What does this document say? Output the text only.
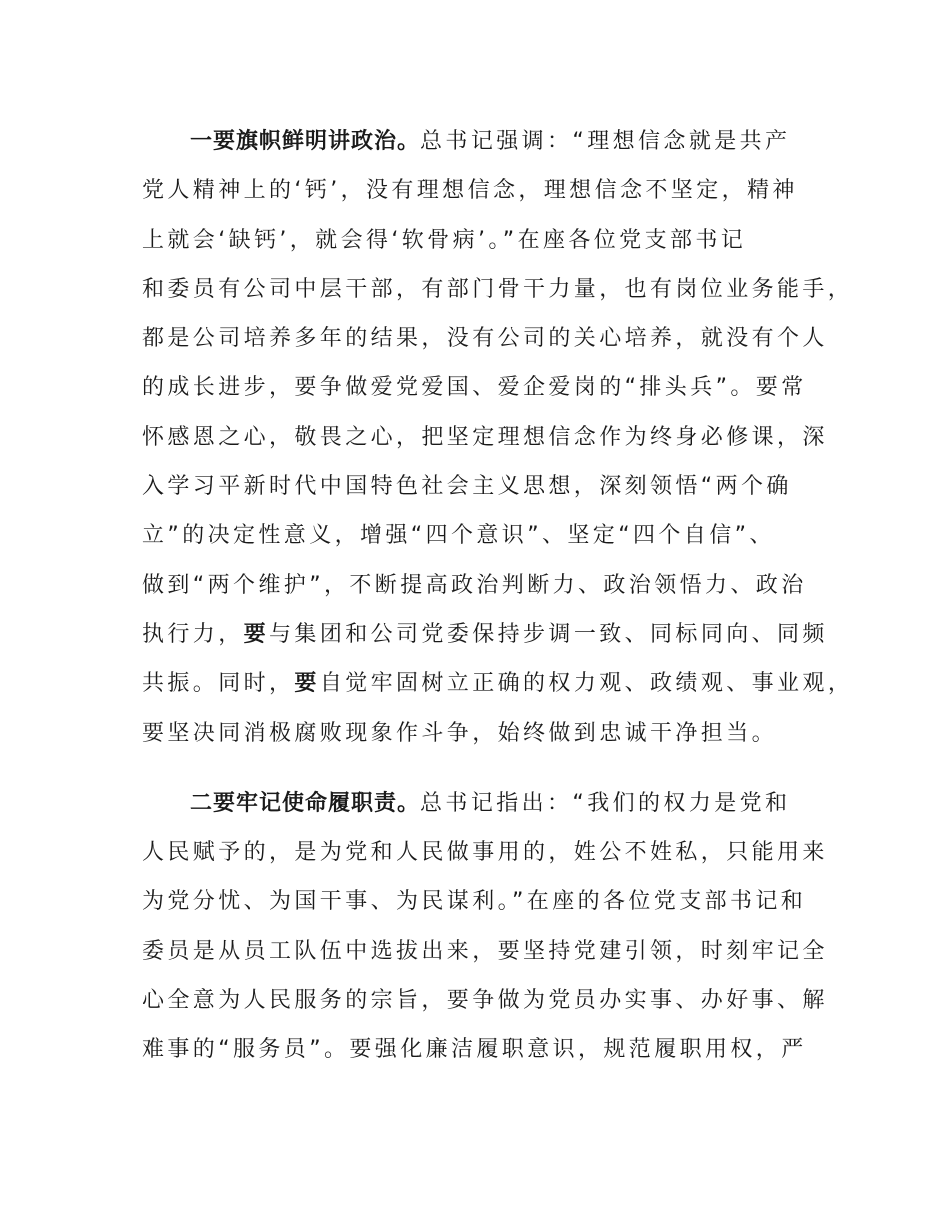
一要旗帜鲜明讲政治。总书记强调：“理想信念就是共产
党人精神上的‘钙’，没有理想信念，理想信念不坚定，精神
上就会‘缺钙’，就会得‘软骨病’。”在座各位党支部书记
和委员有公司中层干部，有部门骨干力量，也有岗位业务能手，
都是公司培养多年的结果，没有公司的关心培养，就没有个人
的成长进步，要争做爱党爱国、爱企爱岗的“排头兵”。要常
怀感恩之心，敬畏之心，把坚定理想信念作为终身必修课，深
入学习平新时代中国特色社会主义思想，深刻领悟“两个确
立”的决定性意义，增强“四个意识”、坚定“四个自信”、
做到“两个维护”，不断提高政治判断力、政治领悟力、政治
执行力，要与集团和公司党委保持步调一致、同标同向、同频
共振。同时，要自觉牢固树立正确的权力观、政绩观、事业观，
要坚决同消极腐败现象作斗争，始终做到忠诚干净担当。
二要牢记使命履职责。总书记指出：“我们的权力是党和
人民赋予的，是为党和人民做事用的，姓公不姓私，只能用来
为党分忧、为国干事、为民谋利。”在座的各位党支部书记和
委员是从员工队伍中选拔出来，要坚持党建引领，时刻牢记全
心全意为人民服务的宗旨，要争做为党员办实事、办好事、解
难事的“服务员”。要强化廉洁履职意识，规范履职用权，严
